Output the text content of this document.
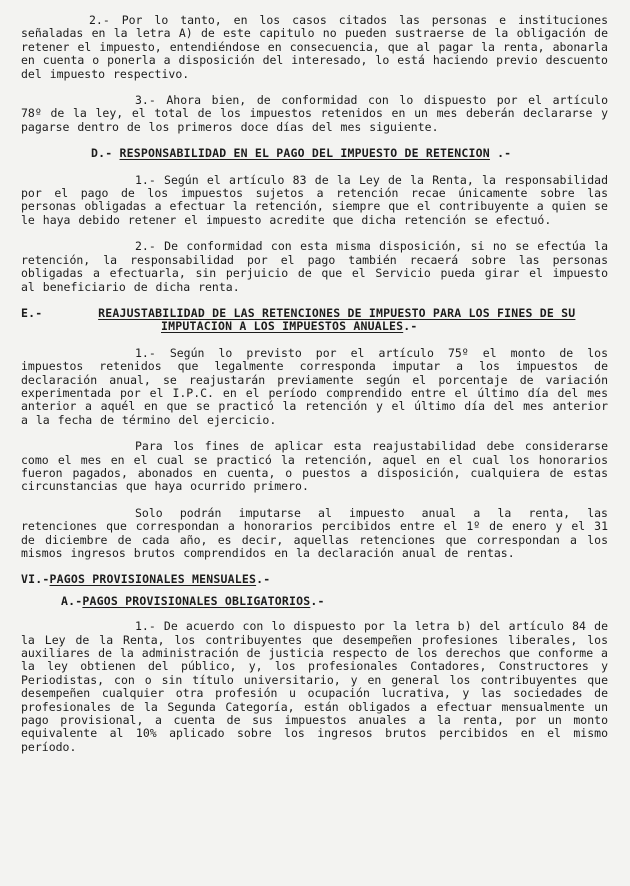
2.- Por lo tanto, en los casos citados las personas e instituciones señaladas en la letra A) de este capitulo no pueden sustraerse de la obligación de retener el impuesto, entendiéndose en consecuencia, que al pagar la renta, abonarla en cuenta o ponerla a disposición del interesado, lo está haciendo previo descuento del impuesto respectivo.

3.- Ahora bien, de conformidad con lo dispuesto por el artículo 78º de la ley, el total de los impuestos retenidos en un mes deberán declararse y pagarse dentro de los primeros doce días del mes siguiente.

D.- RESPONSABILIDAD EN EL PAGO DEL IMPUESTO DE RETENCION .-

1.- Según el artículo 83 de la Ley de la Renta, la responsabilidad por el pago de los impuestos sujetos a retención recae únicamente sobre las personas obligadas a efectuar la retención, siempre que el contribuyente a quien se le haya debido retener el impuesto acredite que dicha retención se efectuó.

2.- De conformidad con esta misma disposición, si no se efectúa la retención, la responsabilidad por el pago también recaerá sobre las personas obligadas a efectuarla, sin perjuicio de que el Servicio pueda girar el impuesto al beneficiario de dicha renta.

E.-	REAJUSTABILIDAD DE LAS RETENCIONES DE IMPUESTO PARA LOS FINES DE SU IMPUTACION A LOS IMPUESTOS ANUALES.-

1.- Según lo previsto por el artículo 75º el monto de los impuestos retenidos que legalmente corresponda imputar a los impuestos de declaración anual, se reajustarán previamente según el porcentaje de variación experimentada por el I.P.C. en el período comprendido entre el último día del mes anterior a aquél en que se practicó la retención y el último día del mes anterior a la fecha de término del ejercicio.

Para los fines de aplicar esta reajustabilidad debe considerarse como el mes en el cual se practicó la retención, aquel en el cual los honorarios fueron pagados, abonados en cuenta, o puestos a disposición, cualquiera de estas circunstancias que haya ocurrido primero.

Solo podrán imputarse al impuesto anual a la renta, las retenciones que correspondan a honorarios percibidos entre el 1º de enero y el 31 de diciembre de cada año, es decir, aquellas retenciones que correspondan a los mismos ingresos brutos comprendidos en la declaración anual de rentas.

VI.-PAGOS PROVISIONALES MENSUALES.-
A.-PAGOS PROVISIONALES OBLIGATORIOS.-

1.- De acuerdo con lo dispuesto por la letra b) del artículo 84 de la Ley de la Renta, los contribuyentes que desempeñen profesiones liberales, los auxiliares de la administración de justicia respecto de los derechos que conforme a la ley obtienen del público, y, los profesionales Contadores, Constructores y Periodistas, con o sin título universitario, y en general los contribuyentes que desempeñen cualquier otra profesión u ocupación lucrativa, y las sociedades de profesionales de la Segunda Categoría, están obligados a efectuar mensualmente un pago provisional, a cuenta de sus impuestos anuales a la renta, por un monto equivalente al 10% aplicado sobre los ingresos brutos percibidos en el mismo período.
